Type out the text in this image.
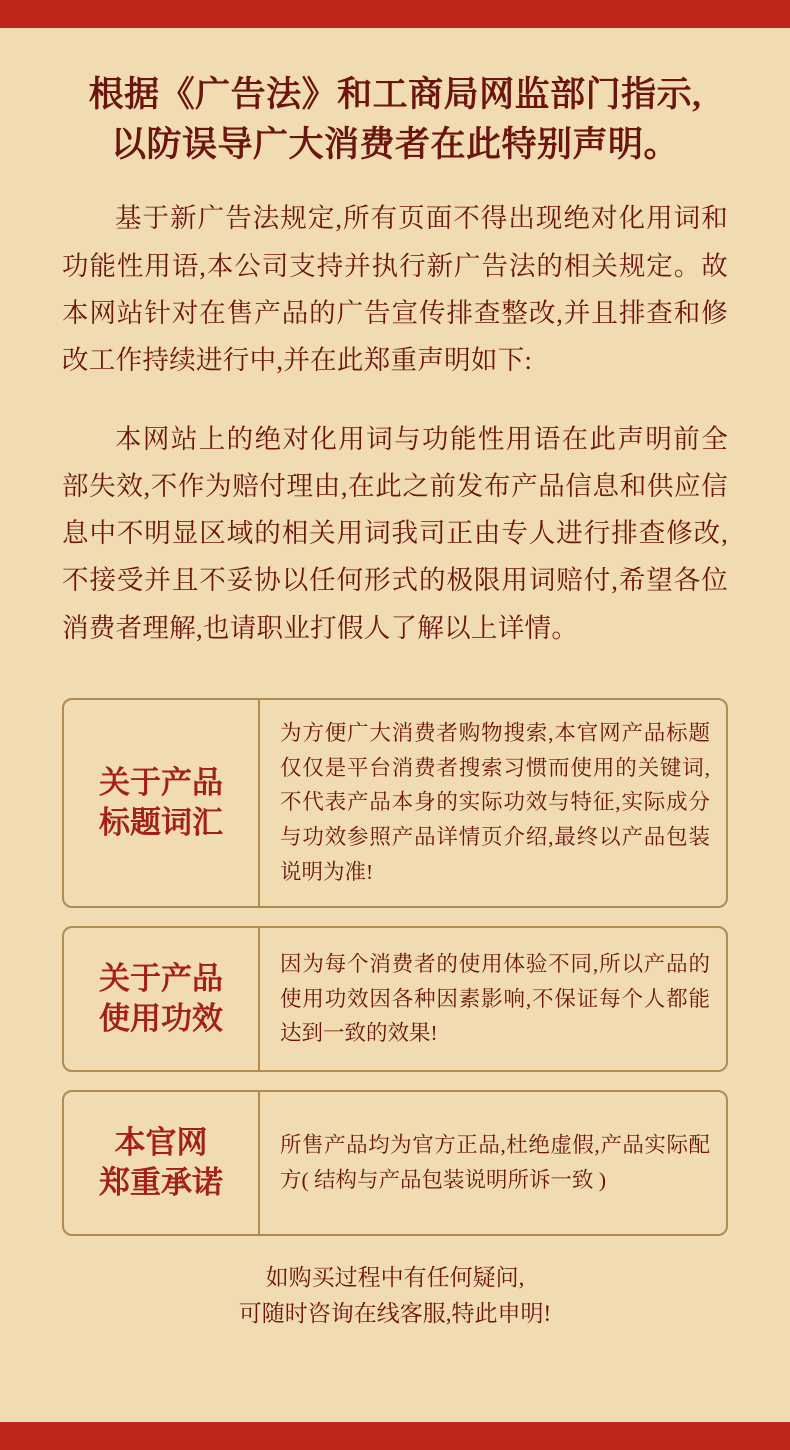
根据《广告法》和工商局网监部门指示,
以防误导广大消费者在此特别声明。
基于新广告法规定,所有页面不得出现绝对化用词和功能性用语,本公司支持并执行新广告法的相关规定。故本网站针对在售产品的广告宣传排查整改,并且排查和修改工作持续进行中,并在此郑重声明如下:
本网站上的绝对化用词与功能性用语在此声明前全部失效,不作为赔付理由,在此之前发布产品信息和供应信息中不明显区域的相关用词我司正由专人进行排查修改,不接受并且不妥协以任何形式的极限用词赔付,希望各位消费者理解,也请职业打假人了解以上详情。
关于产品
标题词汇
为方便广大消费者购物搜索,本官网产品标题仅仅是平台消费者搜索习惯而使用的关键词,不代表产品本身的实际功效与特征,实际成分与功效参照产品详情页介绍,最终以产品包装说明为准!
关于产品
使用功效
因为每个消费者的使用体验不同,所以产品的使用功效因各种因素影响,不保证每个人都能达到一致的效果!
本官网
郑重承诺
所售产品均为官方正品,杜绝虚假,产品实际配方( 结构与产品包装说明所诉一致 )
如购买过程中有任何疑问,
可随时咨询在线客服,特此申明!
